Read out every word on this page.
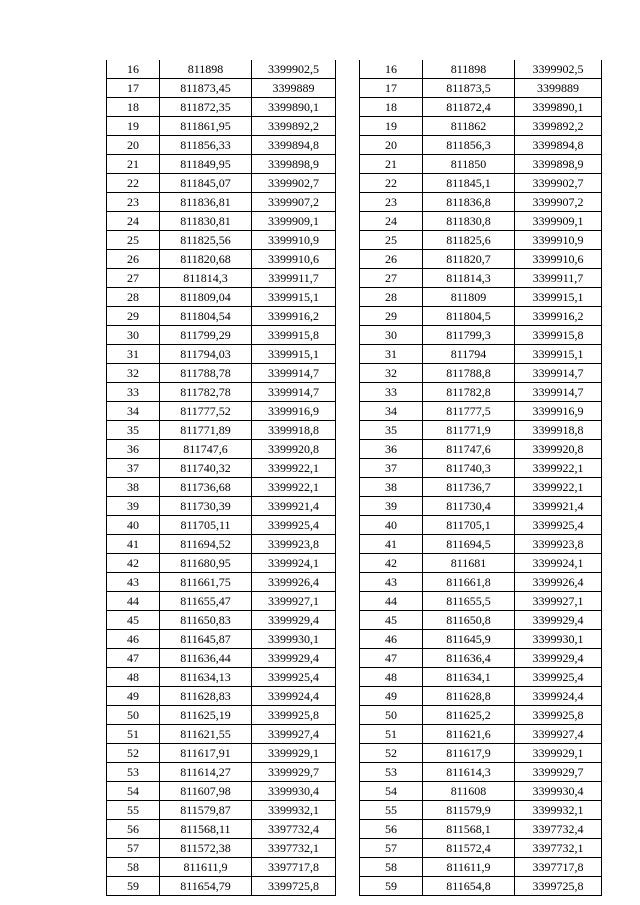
16	811898	3399902,5		16	811898	3399902,5
17	811873,45	3399889		17	811873,5	3399889
18	811872,35	3399890,1		18	811872,4	3399890,1
19	811861,95	3399892,2		19	811862	3399892,2
20	811856,33	3399894,8		20	811856,3	3399894,8
21	811849,95	3399898,9		21	811850	3399898,9
22	811845,07	3399902,7		22	811845,1	3399902,7
23	811836,81	3399907,2		23	811836,8	3399907,2
24	811830,81	3399909,1		24	811830,8	3399909,1
25	811825,56	3399910,9		25	811825,6	3399910,9
26	811820,68	3399910,6		26	811820,7	3399910,6
27	811814,3	3399911,7		27	811814,3	3399911,7
28	811809,04	3399915,1		28	811809	3399915,1
29	811804,54	3399916,2		29	811804,5	3399916,2
30	811799,29	3399915,8		30	811799,3	3399915,8
31	811794,03	3399915,1		31	811794	3399915,1
32	811788,78	3399914,7		32	811788,8	3399914,7
33	811782,78	3399914,7		33	811782,8	3399914,7
34	811777,52	3399916,9		34	811777,5	3399916,9
35	811771,89	3399918,8		35	811771,9	3399918,8
36	811747,6	3399920,8		36	811747,6	3399920,8
37	811740,32	3399922,1		37	811740,3	3399922,1
38	811736,68	3399922,1		38	811736,7	3399922,1
39	811730,39	3399921,4		39	811730,4	3399921,4
40	811705,11	3399925,4		40	811705,1	3399925,4
41	811694,52	3399923,8		41	811694,5	3399923,8
42	811680,95	3399924,1		42	811681	3399924,1
43	811661,75	3399926,4		43	811661,8	3399926,4
44	811655,47	3399927,1		44	811655,5	3399927,1
45	811650,83	3399929,4		45	811650,8	3399929,4
46	811645,87	3399930,1		46	811645,9	3399930,1
47	811636,44	3399929,4		47	811636,4	3399929,4
48	811634,13	3399925,4		48	811634,1	3399925,4
49	811628,83	3399924,4		49	811628,8	3399924,4
50	811625,19	3399925,8		50	811625,2	3399925,8
51	811621,55	3399927,4		51	811621,6	3399927,4
52	811617,91	3399929,1		52	811617,9	3399929,1
53	811614,27	3399929,7		53	811614,3	3399929,7
54	811607,98	3399930,4		54	811608	3399930,4
55	811579,87	3399932,1		55	811579,9	3399932,1
56	811568,11	3397732,4		56	811568,1	3397732,4
57	811572,38	3397732,1		57	811572,4	3397732,1
58	811611,9	3397717,8		58	811611,9	3397717,8
59	811654,79	3399725,8		59	811654,8	3399725,8
